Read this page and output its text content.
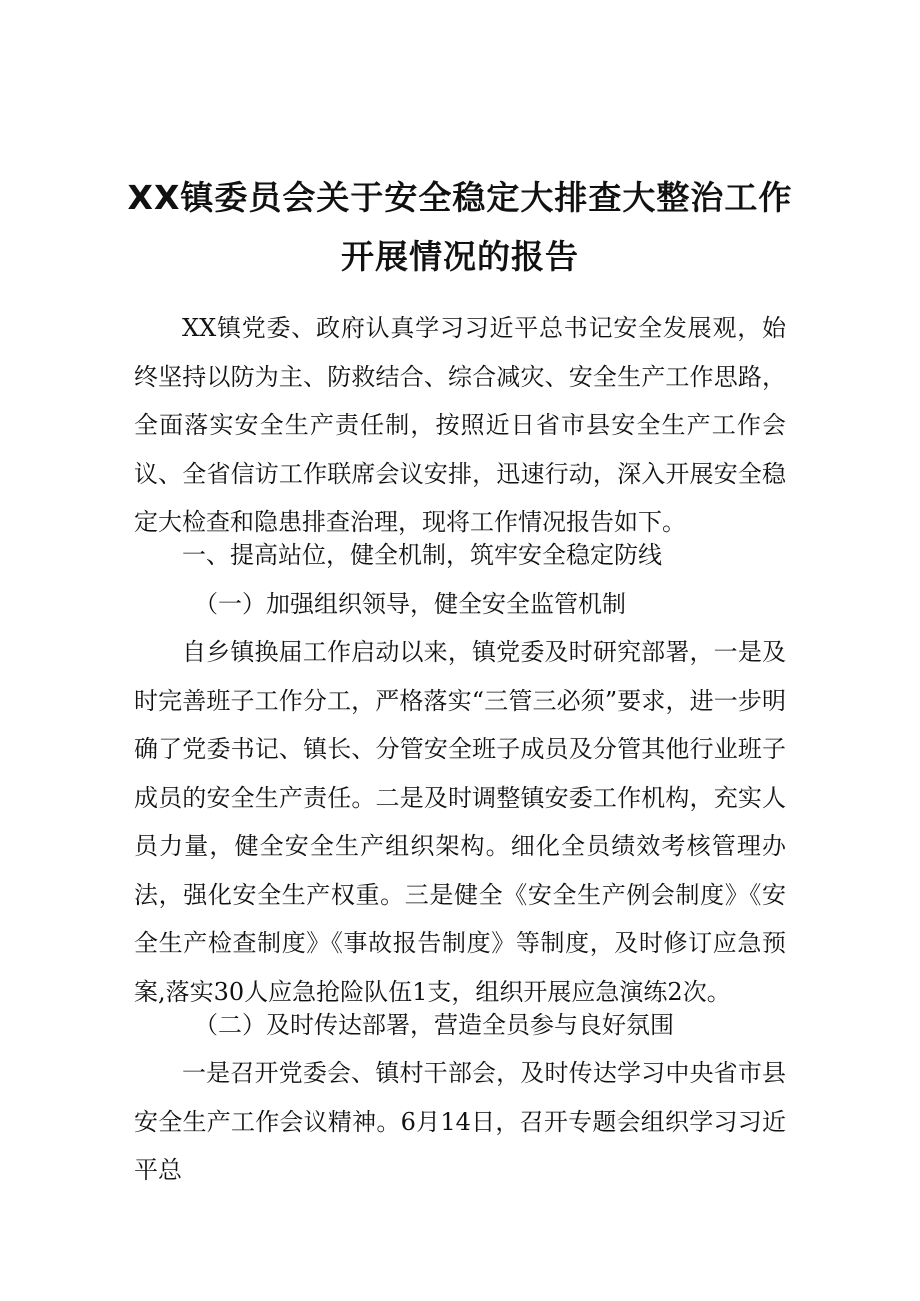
XX镇委员会关于安全稳定大排查大整治工作
开展情况的报告

XX镇党委、政府认真学习习近平总书记安全发展观，始终坚持以防为主、防救结合、综合减灾、安全生产工作思路，全面落实安全生产责任制，按照近日省市县安全生产工作会议、全省信访工作联席会议安排，迅速行动，深入开展安全稳定大检查和隐患排查治理，现将工作情况报告如下。

一、提高站位，健全机制，筑牢安全稳定防线

（一）加强组织领导，健全安全监管机制

自乡镇换届工作启动以来，镇党委及时研究部署，一是及时完善班子工作分工，严格落实“三管三必须”要求，进一步明确了党委书记、镇长、分管安全班子成员及分管其他行业班子成员的安全生产责任。二是及时调整镇安委工作机构，充实人员力量，健全安全生产组织架构。细化全员绩效考核管理办法，强化安全生产权重。三是健全《安全生产例会制度》《安全生产检查制度》《事故报告制度》等制度，及时修订应急预案,落实30人应急抢险队伍1支，组织开展应急演练2次。

（二）及时传达部署，营造全员参与良好氛围

一是召开党委会、镇村干部会，及时传达学习中央省市县安全生产工作会议精神。6月14日，召开专题会组织学习习近平总
